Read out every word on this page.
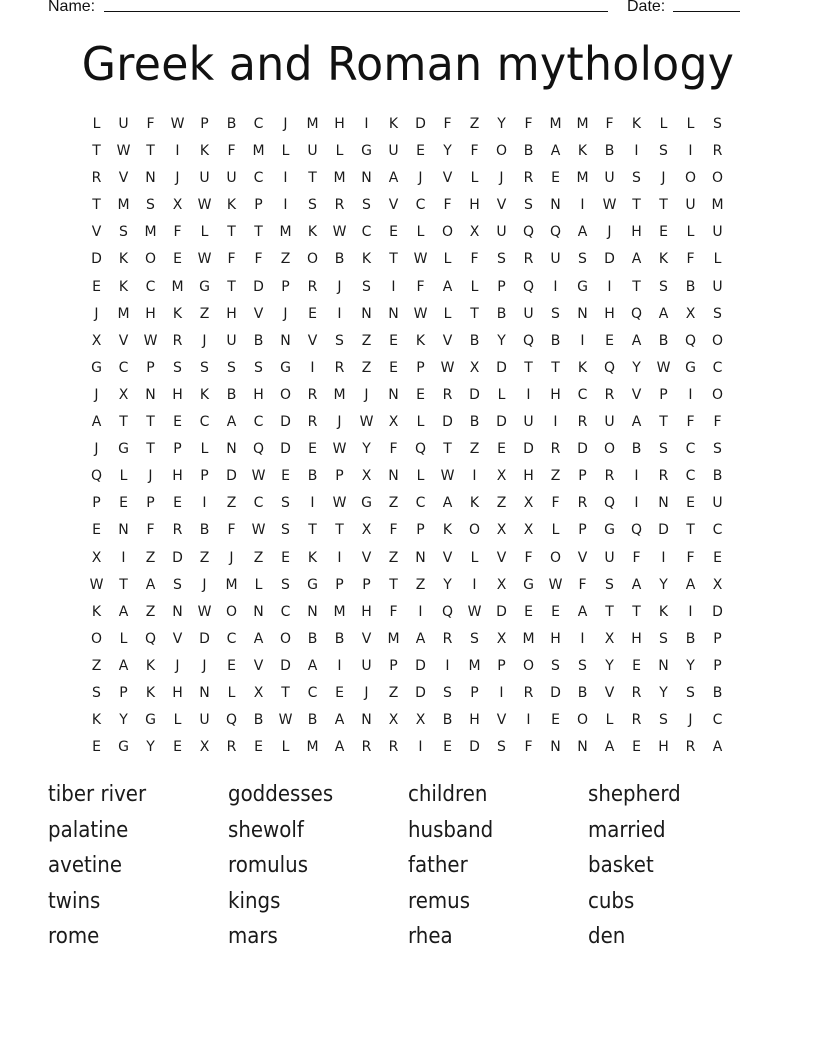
Name:	Date:
Greek and Roman mythology
L	U	F	W	P	B	C	J	M	H	I	K	D	F	Z	Y	F	M	M	F	K	L	L	S
T	W	T	I	K	F	M	L	U	L	G	U	E	Y	F	O	B	A	K	B	I	S	I	R
R	V	N	J	U	U	C	I	T	M	N	A	J	V	L	J	R	E	M	U	S	J	O	O
T	M	S	X	W	K	P	I	S	R	S	V	C	F	H	V	S	N	I	W	T	T	U	M
V	S	M	F	L	T	T	M	K	W	C	E	L	O	X	U	Q	Q	A	J	H	E	L	U
D	K	O	E	W	F	F	Z	O	B	K	T	W	L	F	S	R	U	S	D	A	K	F	L
E	K	C	M	G	T	D	P	R	J	S	I	F	A	L	P	Q	I	G	I	T	S	B	U
J	M	H	K	Z	H	V	J	E	I	N	N	W	L	T	B	U	S	N	H	Q	A	X	S
X	V	W	R	J	U	B	N	V	S	Z	E	K	V	B	Y	Q	B	I	E	A	B	Q	O
G	C	P	S	S	S	S	G	I	R	Z	E	P	W	X	D	T	T	K	Q	Y	W	G	C
J	X	N	H	K	B	H	O	R	M	J	N	E	R	D	L	I	H	C	R	V	P	I	O
A	T	T	E	C	A	C	D	R	J	W	X	L	D	B	D	U	I	R	U	A	T	F	F
J	G	T	P	L	N	Q	D	E	W	Y	F	Q	T	Z	E	D	R	D	O	B	S	C	S
Q	L	J	H	P	D	W	E	B	P	X	N	L	W	I	X	H	Z	P	R	I	R	C	B
P	E	P	E	I	Z	C	S	I	W	G	Z	C	A	K	Z	X	F	R	Q	I	N	E	U
E	N	F	R	B	F	W	S	T	T	X	F	P	K	O	X	X	L	P	G	Q	D	T	C
X	I	Z	D	Z	J	Z	E	K	I	V	Z	N	V	L	V	F	O	V	U	F	I	F	E
W	T	A	S	J	M	L	S	G	P	P	T	Z	Y	I	X	G	W	F	S	A	Y	A	X
K	A	Z	N	W	O	N	C	N	M	H	F	I	Q	W	D	E	E	A	T	T	K	I	D
O	L	Q	V	D	C	A	O	B	B	V	M	A	R	S	X	M	H	I	X	H	S	B	P
Z	A	K	J	J	E	V	D	A	I	U	P	D	I	M	P	O	S	S	Y	E	N	Y	P
S	P	K	H	N	L	X	T	C	E	J	Z	D	S	P	I	R	D	B	V	R	Y	S	B
K	Y	G	L	U	Q	B	W	B	A	N	X	X	B	H	V	I	E	O	L	R	S	J	C
E	G	Y	E	X	R	E	L	M	A	R	R	I	E	D	S	F	N	N	A	E	H	R	A
tiber river
palatine
avetine
twins
rome
goddesses
shewolf
romulus
kings
mars
children
husband
father
remus
rhea
shepherd
married
basket
cubs
den
